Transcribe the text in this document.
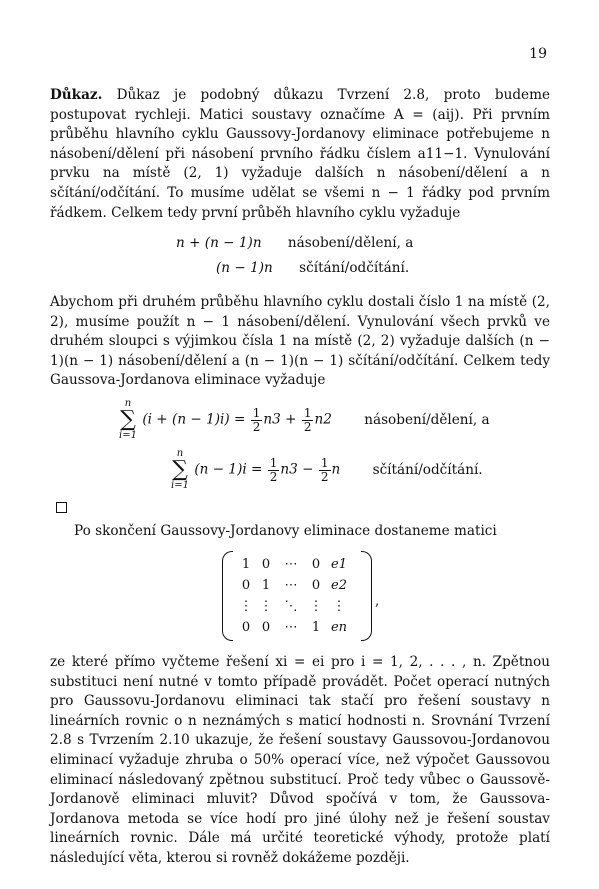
19
Důkaz. Důkaz je podobný důkazu Tvrzení 2.8, proto budeme postupovat rychleji. Matici soustavy označíme A = (aij). Při prvním průběhu hlavního cyklu Gaussovy-Jordanovy eliminace potřebujeme n násobení/dělení při násobení prvního řádku číslem a11−1. Vynulování prvku na místě (2, 1) vyžaduje dalších n násobení/dělení a n sčítání/odčítání. To musíme udělat se všemi n − 1 řádky pod prvním řádkem. Celkem tedy první průběh hlavního cyklu vyžaduje
n + (n − 1)n násobení/dělení, a
(n − 1)n sčítání/odčítání.
Abychom při druhém průběhu hlavního cyklu dostali číslo 1 na místě (2, 2), musíme použít n − 1 násobení/dělení. Vynulování všech prvků ve druhém sloupci s výjimkou čísla 1 na místě (2, 2) vyžaduje dalších (n − 1)(n − 1) násobení/dělení a (n − 1)(n − 1) sčítání/odčítání. Celkem tedy Gaussova-Jordanova eliminace vyžaduje
n
∑
i=1
$(i + (n - 1)i) = \frac{1}{2} n3 + \frac{1}{2} n2$ násobení/dělení, a
n
∑
i=1
$(n - 1)i = \frac{1}{2} n3 - \frac{1}{2}$ n sčítání/odčítání.
Po skončení Gaussovy-Jordanovy eliminace dostaneme matici
1 0	⋯	0 e1
0 1	⋯	0 e2
⋮ ⋮ ⋱ ⋮ ⋮
0 0	⋯	1 en
,
ze které přímo vyčteme řešení xi = ei pro i = 1, 2, . . . , n. Zpětnou substituci není nutné v tomto případě provádět. Počet operací nutných pro Gaussovu-Jordanovu eliminaci tak stačí pro řešení soustavy n lineárních rovnic o n neznámých s maticí hodnosti n. Srovnání Tvrzení 2.8 s Tvrzením 2.10 ukazuje, že řešení soustavy Gaussovou-Jordanovou eliminací vyžaduje zhruba o 50% operací více, než výpočet Gaussovou eliminací následovaný zpětnou substitucí. Proč tedy vůbec o Gaussově-Jordanově eliminaci mluvit? Důvod spočívá v tom, že Gaussova-Jordanova metoda se více hodí pro jiné úlohy než je řešení soustav lineárních rovnic. Dále má určité teoretické výhody, protože platí následující věta, kterou si rovněž dokážeme později.
